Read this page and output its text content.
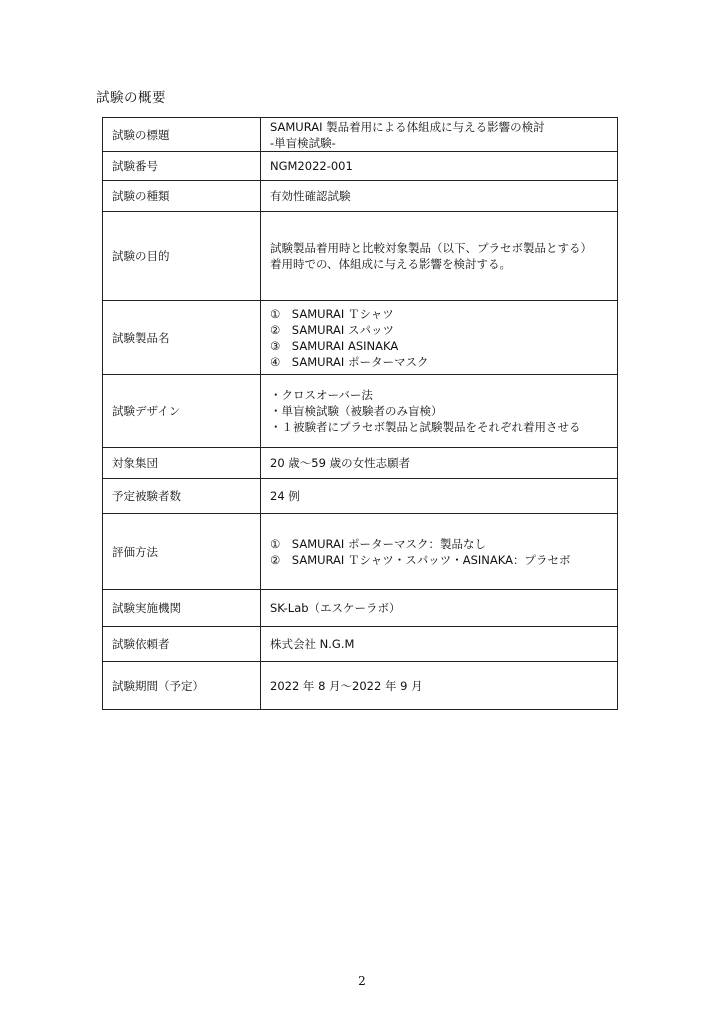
試験の概要
試験の標題	SAMURAI 製品着用による体組成に与える影響の検討
-単盲検試験-

試験番号	NGM2022-001

試験の種類	有効性確認試験

試験の目的	試験製品着用時と比較対象製品（以下、プラセボ製品とする）
着用時での、体組成に与える影響を検討する。

試験製品名	①　SAMURAI Ｔシャツ
②　SAMURAI スパッツ
③　SAMURAI ASINAKA
④　SAMURAI ポーターマスク

試験デザイン	・クロスオーバー法
・単盲検試験（被験者のみ盲検）
・１被験者にプラセボ製品と試験製品をそれぞれ着用させる

対象集団	20 歳～59 歳の女性志願者

予定被験者数	24 例

評価方法	①　SAMURAI ポーターマスク：製品なし
②　SAMURAI Ｔシャツ・スパッツ・ASINAKA：プラセボ

試験実施機関	SK-Lab（エスケーラボ）

試験依頼者	株式会社 N.G.M

試験期間（予定）	2022 年 8 月～2022 年 9 月
2
